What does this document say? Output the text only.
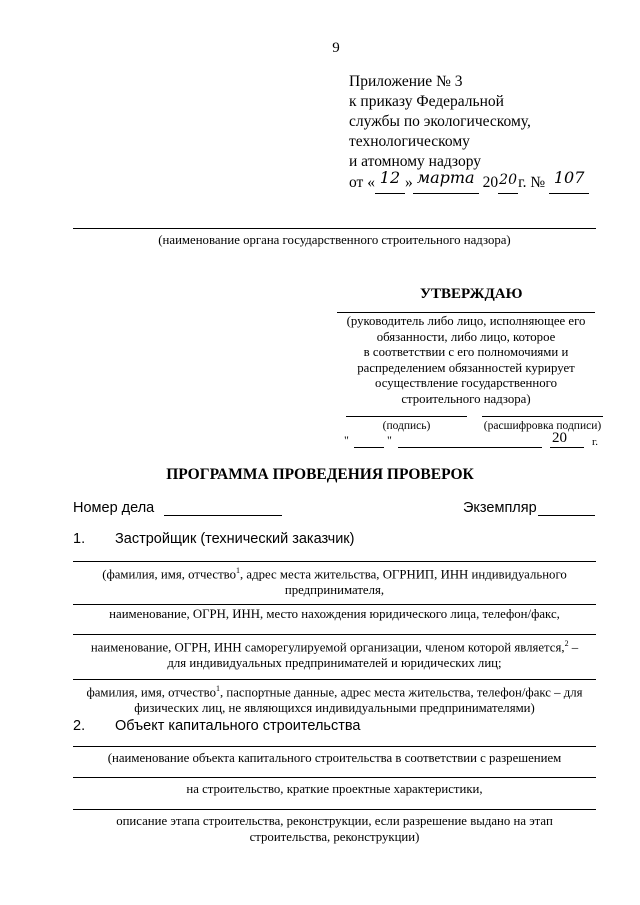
9
Приложение № 3
к приказу Федеральной
службы по экологическому,
технологическому
и атомному надзору
от « 12 » марта 2020г. № 107
(наименование органа государственного строительного надзора)
УТВЕРЖДАЮ
(руководитель либо лицо, исполняющее его
обязанности, либо лицо, которое
в соответствии с его полномочиями и
распределением обязанностей курирует
осуществление государственного
строительного надзора)
(подпись)	(расшифровка подписи)
"	"	20 г.
ПРОГРАММА ПРОВЕДЕНИЯ ПРОВЕРОК
Номер дела	Экземпляр
1. Застройщик (технический заказчик)
(фамилия, имя, отчество$^1$, адрес места жительства, ОГРНИП, ИНН индивидуального
предпринимателя,
наименование, ОГРН, ИНН, место нахождения юридического лица, телефон/факс,
наименование, ОГРН, ИНН саморегулируемой организации, членом которой является,$^2$ –
для индивидуальных предпринимателей и юридических лиц;
фамилия, имя, отчество$^1$, паспортные данные, адрес места жительства, телефон/факс – для
физических лиц, не являющихся индивидуальными предпринимателями)
2. Объект капитального строительства
(наименование объекта капитального строительства в соответствии с разрешением
на строительство, краткие проектные характеристики,
описание этапа строительства, реконструкции, если разрешение выдано на этап
строительства, реконструкции)
